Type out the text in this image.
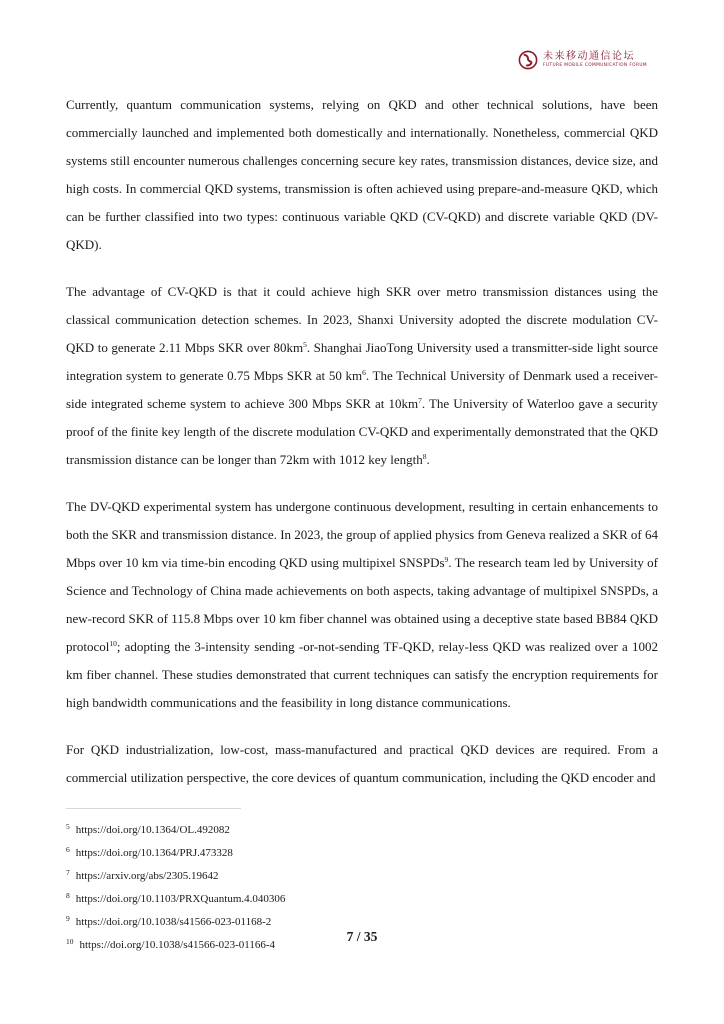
未来移动通信论坛
FUTURE MOBILE COMMUNICATION FORUM

Currently, quantum communication systems, relying on QKD and other technical solutions, have been commercially launched and implemented both domestically and internationally. Nonetheless, commercial QKD systems still encounter numerous challenges concerning secure key rates, transmission distances, device size, and high costs. In commercial QKD systems, transmission is often achieved using prepare-and-measure QKD, which can be further classified into two types: continuous variable QKD (CV-QKD) and discrete variable QKD (DV-QKD).

The advantage of CV-QKD is that it could achieve high SKR over metro transmission distances using the classical communication detection schemes. In 2023, Shanxi University adopted the discrete modulation CV-QKD to generate 2.11 Mbps SKR over $80km^5$. Shanghai JiaoTong University used a transmitter-side light source integration system to generate 0.75 Mbps SKR at 50 $km^6$. The Technical University of Denmark used a receiver-side integrated scheme system to achieve 300 Mbps SKR at $10km^7$. The University of Waterloo gave a security proof of the finite key length of the discrete modulation CV-QKD and experimentally demonstrated that the QKD transmission distance can be longer than 72km with 1012 key length$^8$.

The DV-QKD experimental system has undergone continuous development, resulting in certain enhancements to both the SKR and transmission distance. In 2023, the group of applied physics from Geneva realized a SKR of 64 Mbps over 10 km via time-bin encoding QKD using multipixel SNSPDs$^9$. The research team led by University of Science and Technology of China made achievements on both aspects, taking advantage of multipixel SNSPDs, a new-record SKR of 115.8 Mbps over 10 km fiber channel was obtained using a deceptive state based BB84 QKD protocol$^{10}$; adopting the 3-intensity sending -or-not-sending TF-QKD, relay-less QKD was realized over a 1002 km fiber channel. These studies demonstrated that current techniques can satisfy the encryption requirements for high bandwidth communications and the feasibility in long distance communications.

For QKD industrialization, low-cost, mass-manufactured and practical QKD devices are required. From a commercial utilization perspective, the core devices of quantum communication, including the QKD encoder and

$^5$ https://doi.org/10.1364/OL.492082
$^6$ https://doi.org/10.1364/PRJ.473328
$^7$ https://arxiv.org/abs/2305.19642
$^8$ https://doi.org/10.1103/PRXQuantum.4.040306
$^9$ https://doi.org/10.1038/s41566-023-01168-2
$^{10}$ https://doi.org/10.1038/s41566-023-01166-4
7 / 35
